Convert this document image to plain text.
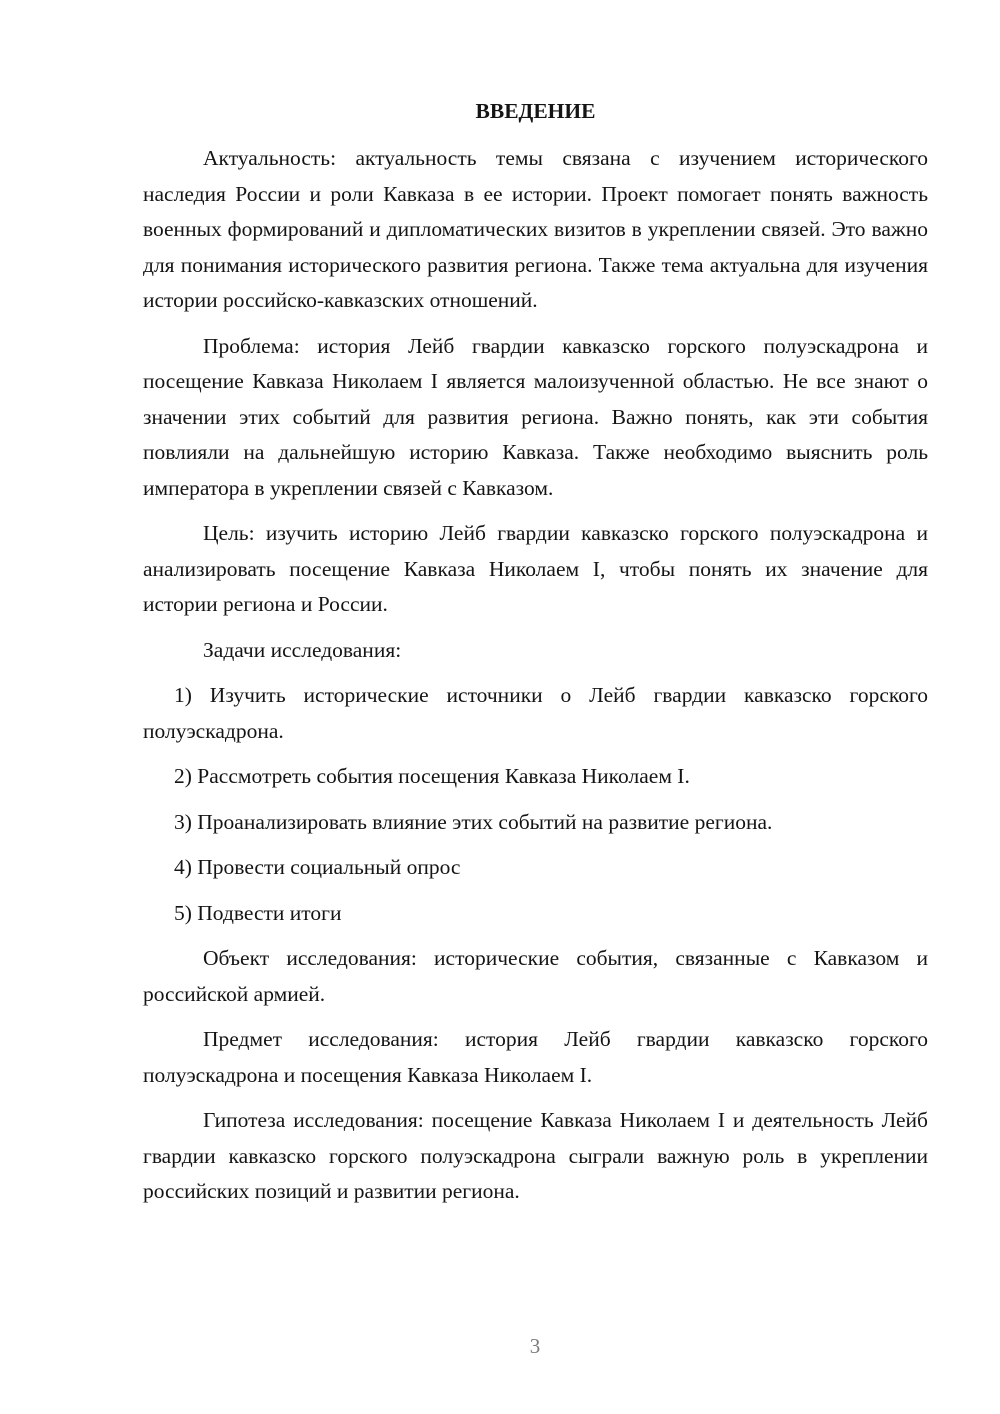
ВВЕДЕНИЕ

Актуальность: актуальность темы связана с изучением исторического наследия России и роли Кавказа в ее истории. Проект помогает понять важность военных формирований и дипломатических визитов в укреплении связей. Это важно для понимания исторического развития региона. Также тема актуальна для изучения истории российско-кавказских отношений.

Проблема: история Лейб гвардии кавказско горского полуэскадрона и посещение Кавказа Николаем I является малоизученной областью. Не все знают о значении этих событий для развития региона. Важно понять, как эти события повлияли на дальнейшую историю Кавказа. Также необходимо выяснить роль императора в укреплении связей с Кавказом.

Цель: изучить историю Лейб гвардии кавказско горского полуэскадрона и анализировать посещение Кавказа Николаем I, чтобы понять их значение для истории региона и России.

Задачи исследования:

1) Изучить исторические источники о Лейб гвардии кавказско горского полуэскадрона.

2) Рассмотреть события посещения Кавказа Николаем I.

3) Проанализировать влияние этих событий на развитие региона.

4) Провести социальный опрос

5) Подвести итоги

Объект исследования: исторические события, связанные с Кавказом и российской армией.

Предмет исследования: история Лейб гвардии кавказско горского полуэскадрона и посещения Кавказа Николаем I.

Гипотеза исследования: посещение Кавказа Николаем I и деятельность Лейб гвардии кавказско горского полуэскадрона сыграли важную роль в укреплении российских позиций и развитии региона.

3
